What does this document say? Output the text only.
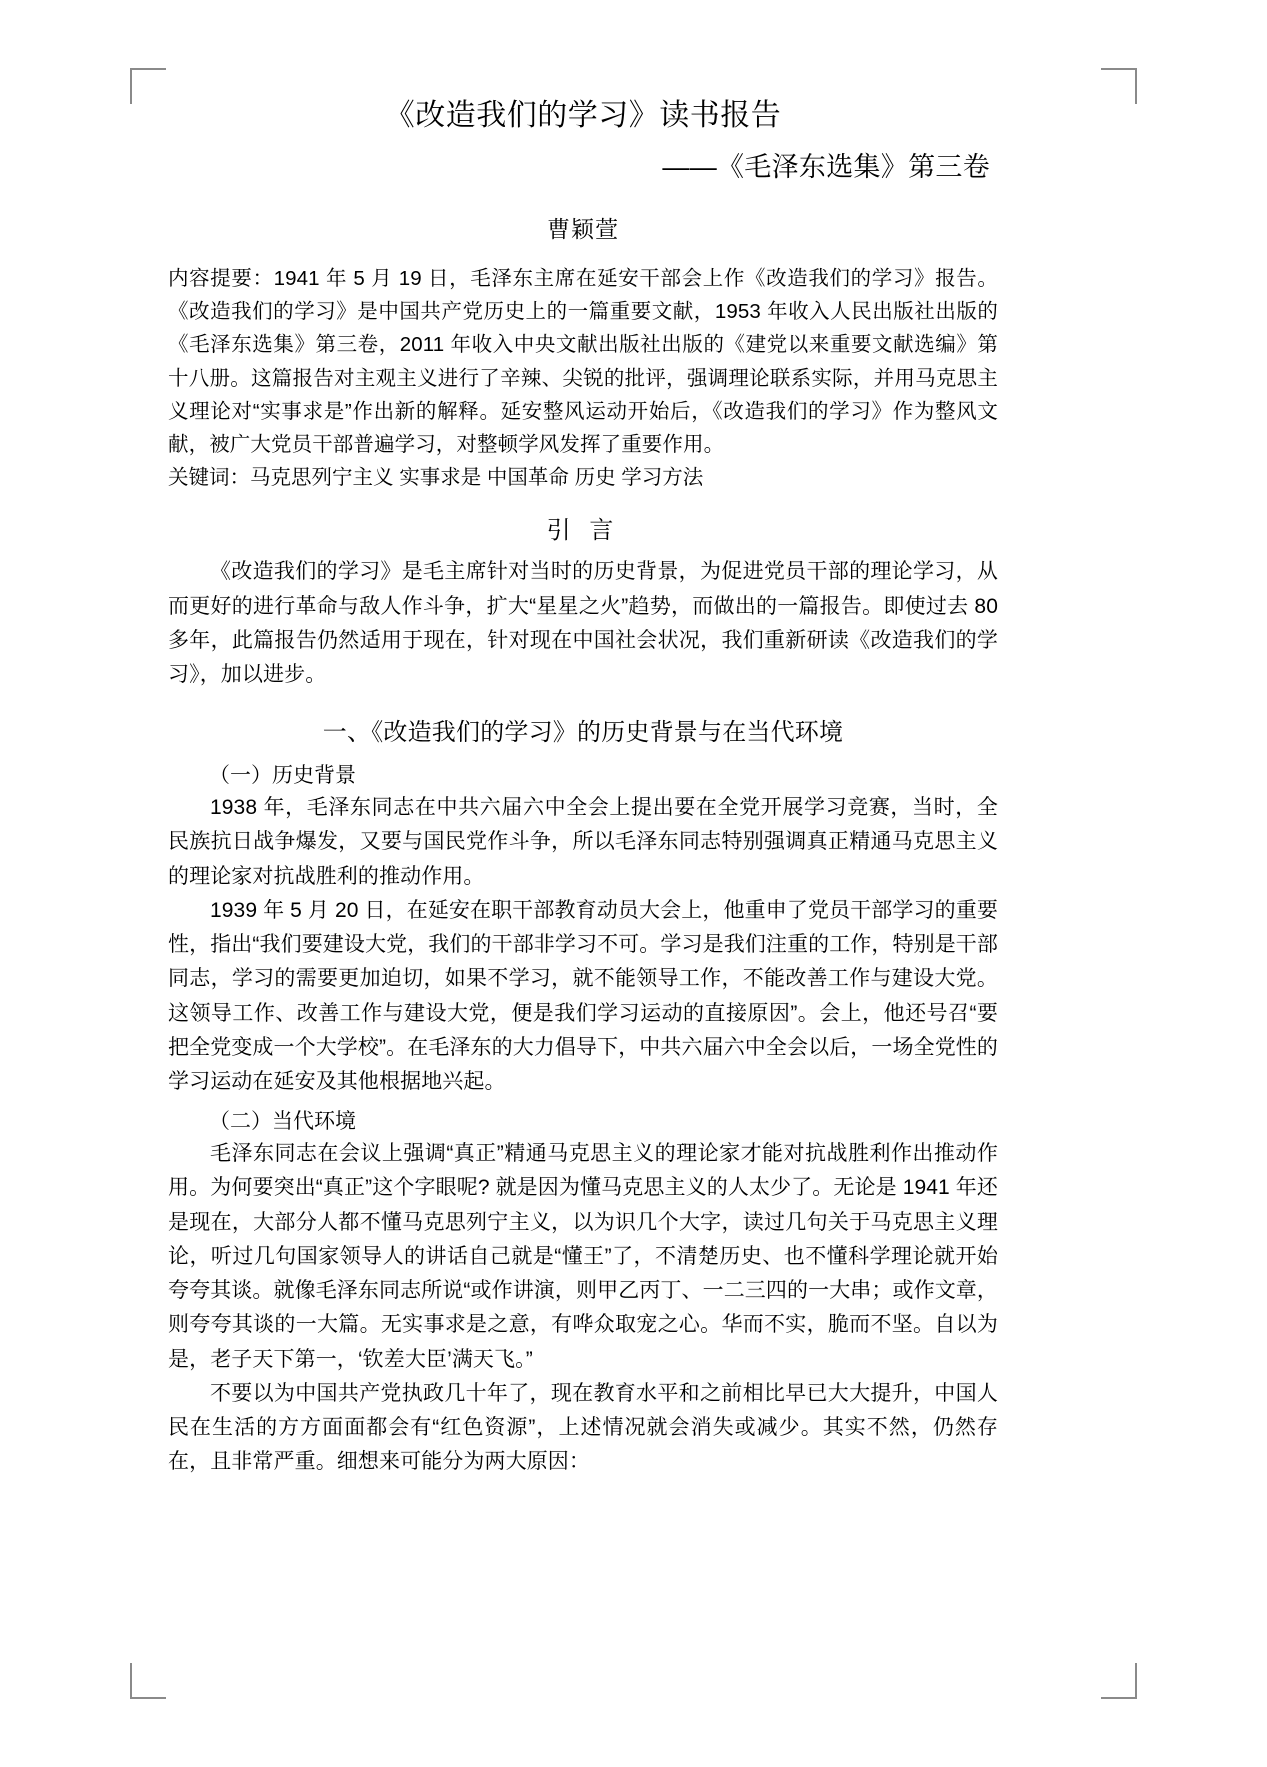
《改造我们的学习》读书报告
——《毛泽东选集》第三卷
曹颖萱

内容提要：1941 年 5 月 19 日，毛泽东主席在延安干部会上作《改造我们的学习》报告。《改造我们的学习》是中国共产党历史上的一篇重要文献，1953 年收入人民出版社出版的《毛泽东选集》第三卷，2011 年收入中央文献出版社出版的《建党以来重要文献选编》第十八册。这篇报告对主观主义进行了辛辣、尖锐的批评，强调理论联系实际，并用马克思主义理论对“实事求是”作出新的解释。延安整风运动开始后，《改造我们的学习》作为整风文献，被广大党员干部普遍学习，对整顿学风发挥了重要作用。

关键词：马克思列宁主义 实事求是 中国革命 历史 学习方法

引 言

《改造我们的学习》是毛主席针对当时的历史背景，为促进党员干部的理论学习，从而更好的进行革命与敌人作斗争，扩大“星星之火”趋势，而做出的一篇报告。即使过去 80 多年，此篇报告仍然适用于现在，针对现在中国社会状况，我们重新研读《改造我们的学习》，加以进步。

一、《改造我们的学习》的历史背景与在当代环境
（一）历史背景

1938 年，毛泽东同志在中共六届六中全会上提出要在全党开展学习竞赛，当时，全民族抗日战争爆发，又要与国民党作斗争，所以毛泽东同志特别强调真正精通马克思主义的理论家对抗战胜利的推动作用。

1939 年 5 月 20 日，在延安在职干部教育动员大会上，他重申了党员干部学习的重要性，指出“我们要建设大党，我们的干部非学习不可。学习是我们注重的工作，特别是干部同志，学习的需要更加迫切，如果不学习，就不能领导工作，不能改善工作与建设大党。这领导工作、改善工作与建设大党，便是我们学习运动的直接原因”。会上，他还号召“要把全党变成一个大学校”。在毛泽东的大力倡导下，中共六届六中全会以后，一场全党性的学习运动在延安及其他根据地兴起。

（二）当代环境

毛泽东同志在会议上强调“真正”精通马克思主义的理论家才能对抗战胜利作出推动作用。为何要突出“真正”这个字眼呢? 就是因为懂马克思主义的人太少了。无论是 1941 年还是现在，大部分人都不懂马克思列宁主义，以为识几个大字，读过几句关于马克思主义理论，听过几句国家领导人的讲话自己就是“懂王”了，不清楚历史、也不懂科学理论就开始夸夸其谈。就像毛泽东同志所说“或作讲演，则甲乙丙丁、一二三四的一大串；或作文章，则夸夸其谈的一大篇。无实事求是之意，有哗众取宠之心。华而不实，脆而不坚。自以为是，老子天下第一，‘钦差大臣’满天飞。”

不要以为中国共产党执政几十年了，现在教育水平和之前相比早已大大提升，中国人民在生活的方方面面都会有“红色资源”，上述情况就会消失或减少。其实不然，仍然存在，且非常严重。细想来可能分为两大原因：
